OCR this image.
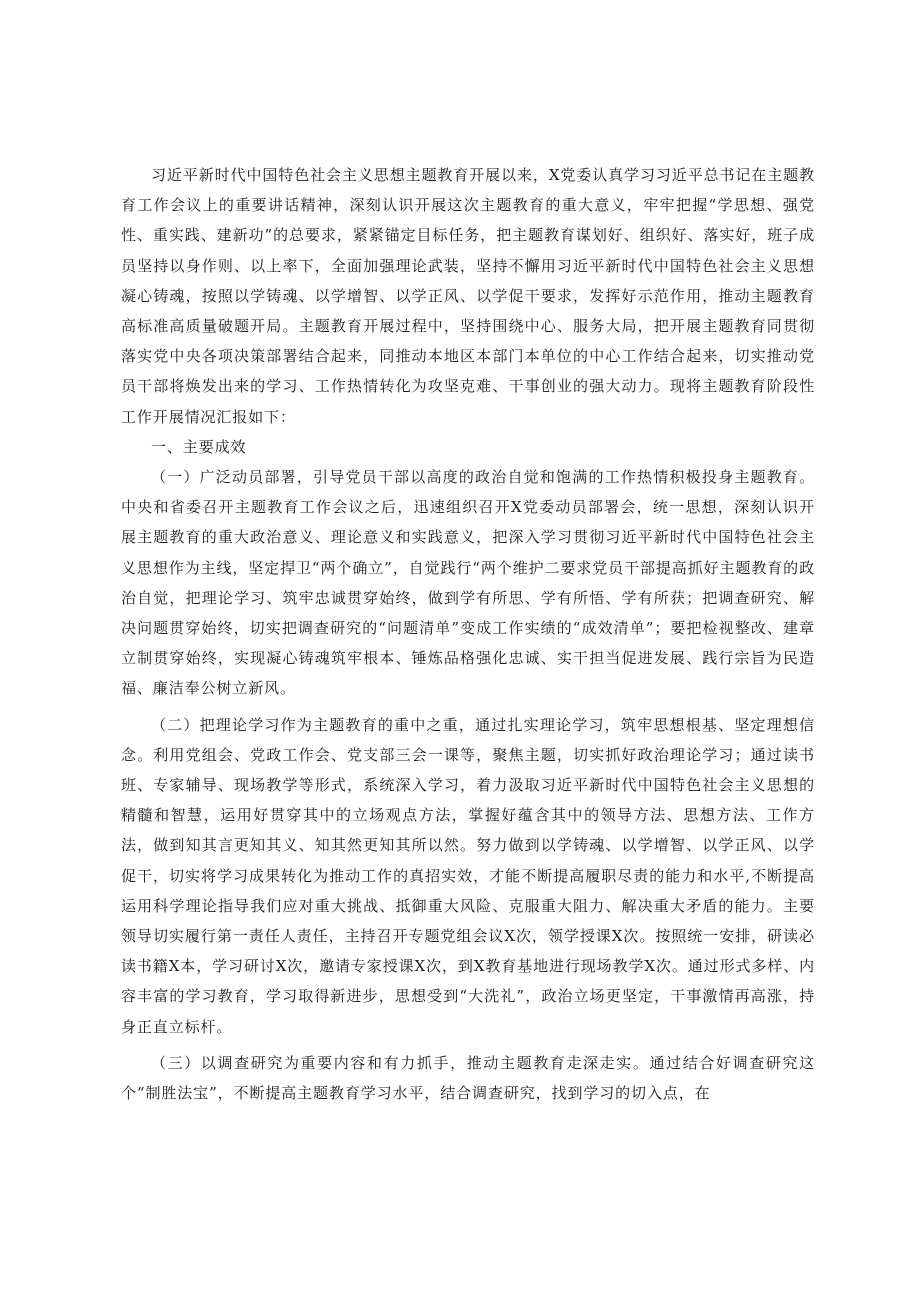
习近平新时代中国特色社会主义思想主题教育开展以来，X党委认真学习习近平总书记在主题教育工作会议上的重要讲话精神，深刻认识开展这次主题教育的重大意义，牢牢把握“学思想、强党性、重实践、建新功”的总要求，紧紧锚定目标任务，把主题教育谋划好、组织好、落实好，班子成员坚持以身作则、以上率下，全面加强理论武装，坚持不懈用习近平新时代中国特色社会主义思想凝心铸魂，按照以学铸魂、以学增智、以学正风、以学促干要求，发挥好示范作用，推动主题教育高标准高质量破题开局。主题教育开展过程中，坚持围绕中心、服务大局，把开展主题教育同贯彻落实党中央各项决策部署结合起来，同推动本地区本部门本单位的中心工作结合起来，切实推动党员干部将焕发出来的学习、工作热情转化为攻坚克难、干事创业的强大动力。现将主题教育阶段性工作开展情况汇报如下：

一、主要成效

（一）广泛动员部署，引导党员干部以高度的政治自觉和饱满的工作热情积极投身主题教育。中央和省委召开主题教育工作会议之后，迅速组织召开X党委动员部署会，统一思想，深刻认识开展主题教育的重大政治意义、理论意义和实践意义，把深入学习贯彻习近平新时代中国特色社会主义思想作为主线，坚定捍卫“两个确立”，自觉践行“两个维护二要求党员干部提高抓好主题教育的政治自觉，把理论学习、筑牢忠诚贯穿始终，做到学有所思、学有所悟、学有所获；把调查研究、解决问题贯穿始终，切实把调查研究的“问题清单”变成工作实绩的“成效清单”；要把检视整改、建章立制贯穿始终，实现凝心铸魂筑牢根本、锤炼品格强化忠诚、实干担当促进发展、践行宗旨为民造福、廉洁奉公树立新风。

（二）把理论学习作为主题教育的重中之重，通过扎实理论学习，筑牢思想根基、坚定理想信念。利用党组会、党政工作会、党支部三会一课等，聚焦主题，切实抓好政治理论学习；通过读书班、专家辅导、现场教学等形式，系统深入学习，着力汲取习近平新时代中国特色社会主义思想的精髓和智慧，运用好贯穿其中的立场观点方法，掌握好蕴含其中的领导方法、思想方法、工作方法，做到知其言更知其义、知其然更知其所以然。努力做到以学铸魂、以学增智、以学正风、以学促干，切实将学习成果转化为推动工作的真招实效，才能不断提高履职尽责的能力和水平,不断提高运用科学理论指导我们应对重大挑战、抵御重大风险、克服重大阻力、解决重大矛盾的能力。主要领导切实履行第一责任人责任，主持召开专题党组会议X次，领学授课X次。按照统一安排，研读必读书籍X本，学习研讨X次，邀请专家授课X次，到X教育基地进行现场教学X次。通过形式多样、内容丰富的学习教育，学习取得新进步，思想受到“大洗礼”，政治立场更坚定，干事激情再高涨，持身正直立标杆。

（三）以调查研究为重要内容和有力抓手，推动主题教育走深走实。通过结合好调查研究这个“制胜法宝”，不断提高主题教育学习水平，结合调查研究，找到学习的切入点，在
